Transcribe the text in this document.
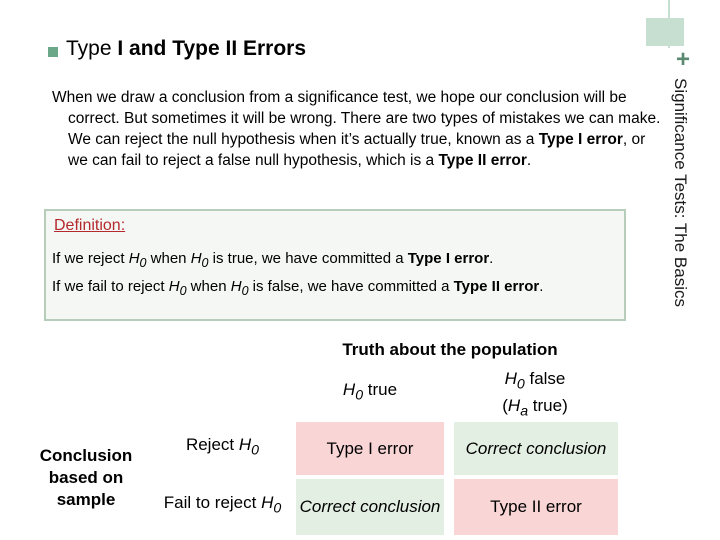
+
Significance Tests: The Basics
Type I and Type II Errors
When we draw a conclusion from a significance test, we hope our conclusion will be correct. But sometimes it will be wrong. There are two types of mistakes we can make. We can reject the null hypothesis when it’s actually true, known as a Type I error, or we can fail to reject a false null hypothesis, which is a Type II error.
Definition:
If we reject $H_0$ when $H_0$ is true, we have committed a Type I error.
If we fail to reject $H_0$ when $H_0$ is false, we have committed a Type II error.
Truth about the population
$H_0$ true
$H_0$ false
($H_a$ true)
Conclusion based on sample
Reject $H_0$
Fail to reject $H_0$
Type I error	Correct conclusion
Correct conclusion	Type II error
